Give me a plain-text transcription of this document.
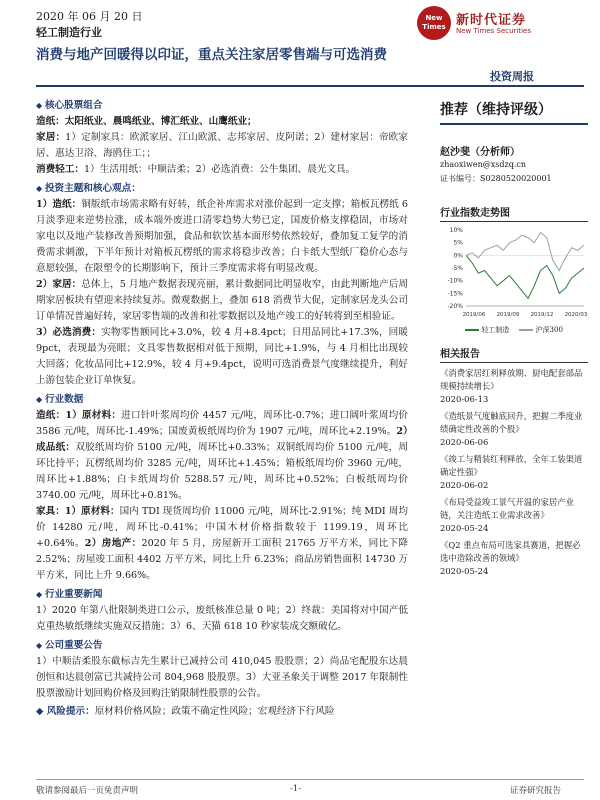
2020 年 06 月 20 日
轻工制造行业
New Times 新时代证券
New Times Securities
消费与地产回暖得以印证，重点关注家居零售端与可选消费
投资周报
◆ 核心股票组合

造纸：太阳纸业、晨鸣纸业、博汇纸业、山鹰纸业；

家居：1）定制家具：欧派家居、江山欧派、志邦家居、皮阿诺；2）建材家居：帝欧家居、惠达卫浴、海鸥住工；；

消费轻工：1）生活用纸：中顺洁柔；2）必选消费：公牛集团、晨光文具。

◆ 投资主题和核心观点：

1）造纸：铜版纸市场需求略有好转，纸企补库需求对涨价起到一定支撑；箱板瓦楞纸 6 月淡季迎来逆势拉涨，成本端外废进口清零趋势大势已定，国废价格支撑稳固，市场对家电以及地产装修改善预期加强，食品和软饮基本面形势依然较好，叠加复工复学的消费需求刺激，下半年预计对箱板瓦楞纸的需求将稳步改善；白卡纸大型纸厂稳价心态与意愿较强，在限塑令的长期影响下，预计三季度需求将有明显改观。

2）家居：总体上，5 月地产数据表现亮丽，累计数据同比明显收窄，由此判断地产后周期家居板块有望迎来持续复苏。微观数据上，叠加 618 消费节大促，定制家居龙头公司订单情况普遍好转，家居零售端的改善和社零数据以及地产竣工的好转将到至相验证。

3）必选消费：实物零售额同比+3.0%，较 4 月+8.4pct；日用品同比+17.3%，回暖 9pct，表现最为亮眼；文具零售数据相对低于预期，同比+1.9%，与 4 月相比出现较大回落；化妆品同比+12.9%，较 4 月+9.4pct，说明可选消费景气度继续提升，利好上游包装企业订单恢复。

◆ 行业数据

造纸：1）原材料：进口针叶浆周均价 4457 元/吨，周环比-0.7%；进口阔叶浆周均价 3586 元/吨，周环比-1.49%；国废黄板纸周均价为 1907 元/吨，周环比+2.19%。2）成品纸：双胶纸周均价 5100 元/吨，周环比+0.33%；双铜纸周均价 5100 元/吨，周环比持平；瓦楞纸周均价 3285 元/吨，周环比+1.45%；箱板纸周均价 3960 元/吨，周环比+1.88%；白卡纸周均价 5288.57 元/吨，周环比+0.52%；白板纸周均价 3740.00 元/吨，周环比+0.81%。

家具：1）原材料：国内 TDI 现货周均价 11000 元/吨，周环比-2.91%；纯 MDI 周均价 14280 元/吨，周环比-0.41%；中国木材价格指数较于 1199.19，周环比+0.64%。2）房地产：2020 年 5 月，房屋新开工面积 21765 万平方米，同比下降 2.52%；房屋竣工面积 4402 万平方米，同比上升 6.23%；商品房销售面积 14730 万平方米，同比上升 9.66%。

◆ 行业重要新闻

1）2020 年第八批限制类进口公示，废纸核准总量 0 吨；2）终裁：美国将对中国产低克重热敏纸继续实施双反措施；3）6、天猫 618 10 秒家装成交额破亿。

◆ 公司重要公告

1）中顺洁柔股东截标吉先生累计已减持公司 410,045 股股票；2）尚品宅配股东达晨创恒和达晨创富已共减持公司 804,968 股股票。3）大亚圣象关于调整 2017 年限制性股票激励计划回购价格及回购注销限制性股票的公告。

◆ 风险提示：原材料价格风险；政策不确定性风险；宏观经济下行风险

推荐（维持评级）
赵沙斐（分析师）
zhaoxiwen@xsdzq.cn
证书编号：S0280520020001
行业指数走势图
10%
5%
0%
-5%
-10%
-15%
-20%
2019/06 2019/09 2019/12 2020/03
轻工制造	沪深300
相关报告
《消费家居红利释放期、厨电配套部品规模持续增长》
2020-06-13
《造纸景气度触底回升，把握二季度业绩确定性改善的个股》
2020-06-06
《竣工与精装红利释放，全年工装渠道确定性强》
2020-06-02
《布局受益竣工景气开温的家居产业链，关注造纸工业需求改善》
2020-05-24
《Q2 重点布局可选家具赛道，把握必选中造除改善的领域》
2020-05-24
敬请参阅最后一页免责声明	-1-	证券研究报告
